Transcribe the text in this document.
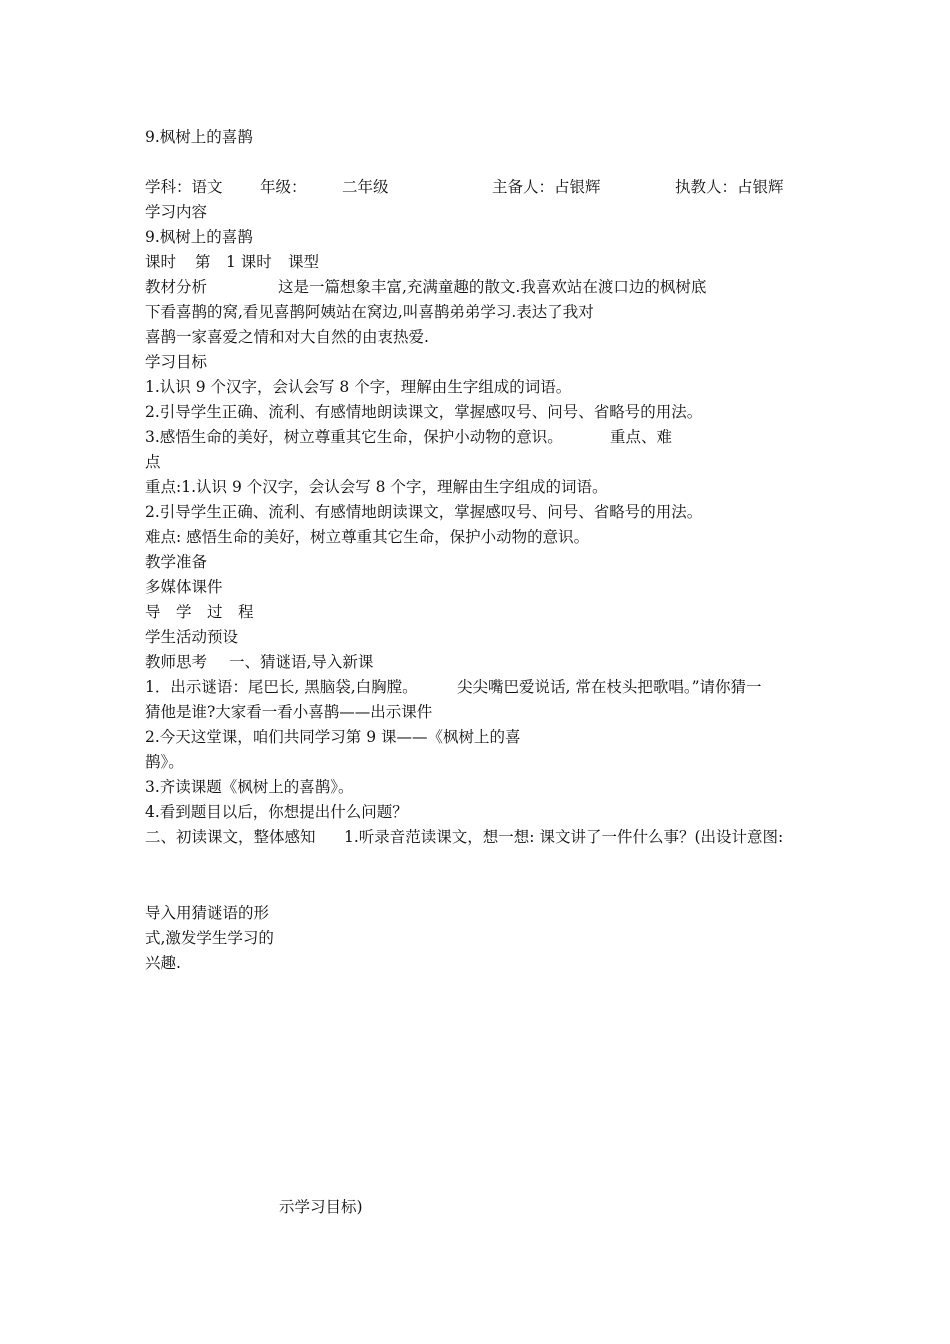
9.枫树上的喜鹊
学科：语文 年级： 二年级	主备人：占银辉	执教人：占银辉
学习内容
9.枫树上的喜鹊
课时 第　1 课时 课型
教材分析	这是一篇想象丰富,充满童趣的散文.我喜欢站在渡口边的枫树底
下看喜鹊的窝,看见喜鹊阿姨站在窝边,叫喜鹊弟弟学习.表达了我对
喜鹊一家喜爱之情和对大自然的由衷热爱.
学习目标
1.认识 9 个汉字，会认会写 8 个字，理解由生字组成的词语。
2.引导学生正确、流利、有感情地朗读课文，掌握感叹号、问号、省略号的用法。
3.感悟生命的美好，树立尊重其它生命，保护小动物的意识。	重点、难
点
重点:1.认识 9 个汉字，会认会写 8 个字，理解由生字组成的词语。
2.引导学生正确、流利、有感情地朗读课文，掌握感叹号、问号、省略号的用法。
难点: 感悟生命的美好，树立尊重其它生命，保护小动物的意识。
教学准备
多媒体课件
导　学　过　程
学生活动预设
教师思考 一、猜谜语,导入新课
1．出示谜语：尾巴长, 黑脑袋,白胸膛。	尖尖嘴巴爱说话, 常在枝头把歌唱。”请你猜一
猜他是谁?大家看一看小喜鹊——出示课件
2.今天这堂课，咱们共同学习第 9 课——《枫树上的喜
鹊》。
3.齐读课题《枫树上的喜鹊》。
4.看到题目以后，你想提出什么问题？
二、初读课文，整体感知 1.听录音范读课文，想一想: 课文讲了一件什么事？(出设计意图:
导入用猜谜语的形
式,激发学生学习的
兴趣.
示学习目标)
